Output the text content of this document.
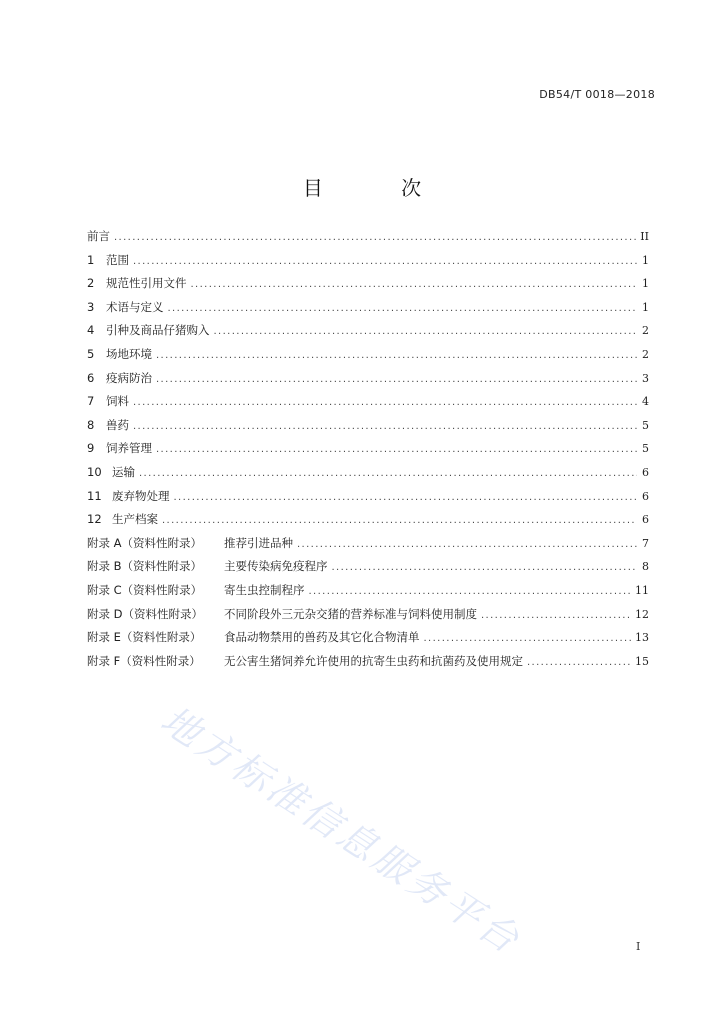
DB54/T 0018—2018
目 次
前言 . . .	II
1	范围 . . .	1
2	规范性引用文件 . . .	1
3	术语与定义 . . .	1
4	引种及商品仔猪购入 . . .	2
5	场地环境 . . .	2
6	疫病防治 . . .	3
7	饲料 . . .	4
8	兽药 . . .	5
9	饲养管理 . . .	5
10 运输 . . .	6
11 废弃物处理 . . .	6
12 生产档案 . . .	6
附录 A（资料性附录）	推荐引进品种 . . .	7
附录 B（资料性附录）	主要传染病免疫程序 . . .	8
附录 C（资料性附录）	寄生虫控制程序 . . .	11
附录 D（资料性附录）	不同阶段外三元杂交猪的营养标准与饲料使用制度 . . .	12
附录 E（资料性附录）	食品动物禁用的兽药及其它化合物清单 . . .	13
附录 F（资料性附录）	无公害生猪饲养允许使用的抗寄生虫药和抗菌药及使用规定 . . .	15
地方标准信息服务平台	I
